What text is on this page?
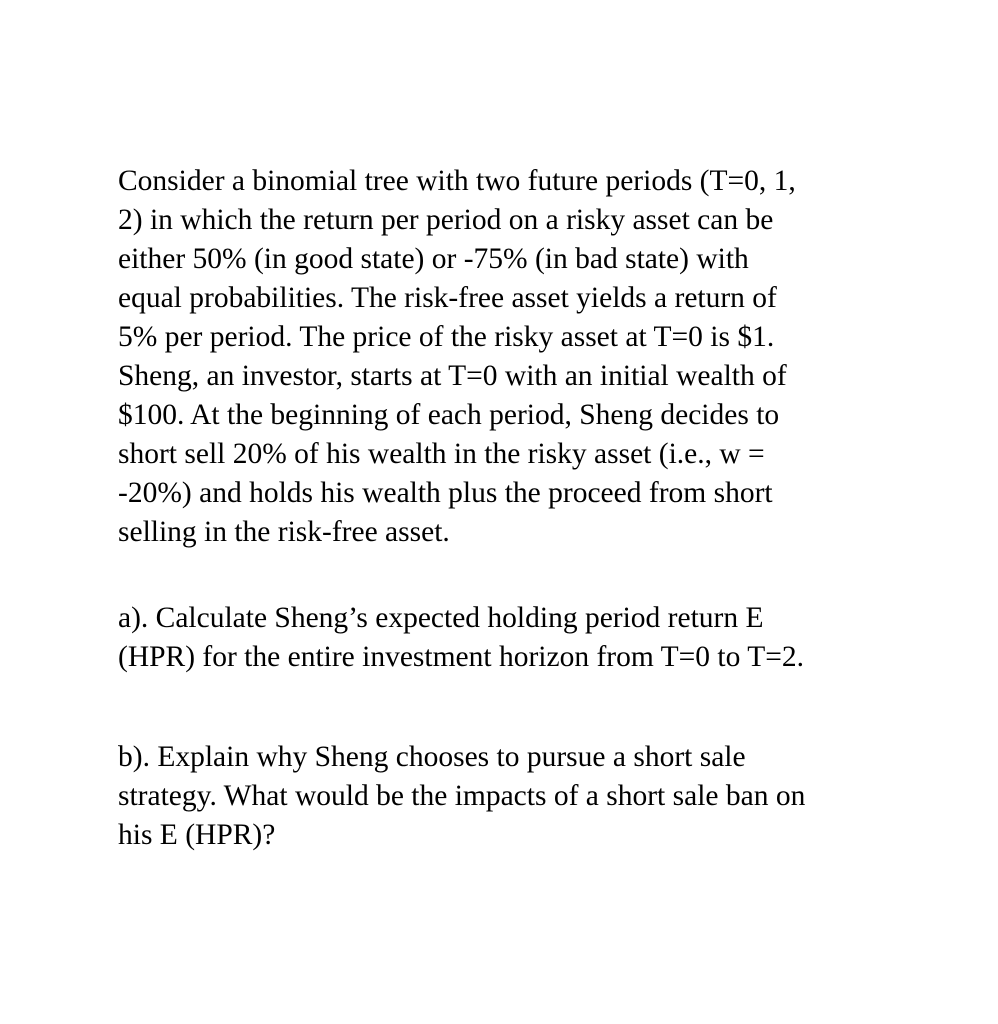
Consider a binomial tree with two future periods (T=0, 1,

2) in which the return per period on a risky asset can be

either 50% (in good state) or -75% (in bad state) with

equal probabilities. The risk-free asset yields a return of

5% per period. The price of the risky asset at T=0 is $1.

Sheng, an investor, starts at T=0 with an initial wealth of

$100. At the beginning of each period, Sheng decides to

short sell 20% of his wealth in the risky asset (i.e., w =

-20%) and holds his wealth plus the proceed from short

selling in the risk-free asset.

a). Calculate Sheng’s expected holding period return E

(HPR) for the entire investment horizon from T=0 to T=2.

b). Explain why Sheng chooses to pursue a short sale

strategy. What would be the impacts of a short sale ban on

his E (HPR)?
